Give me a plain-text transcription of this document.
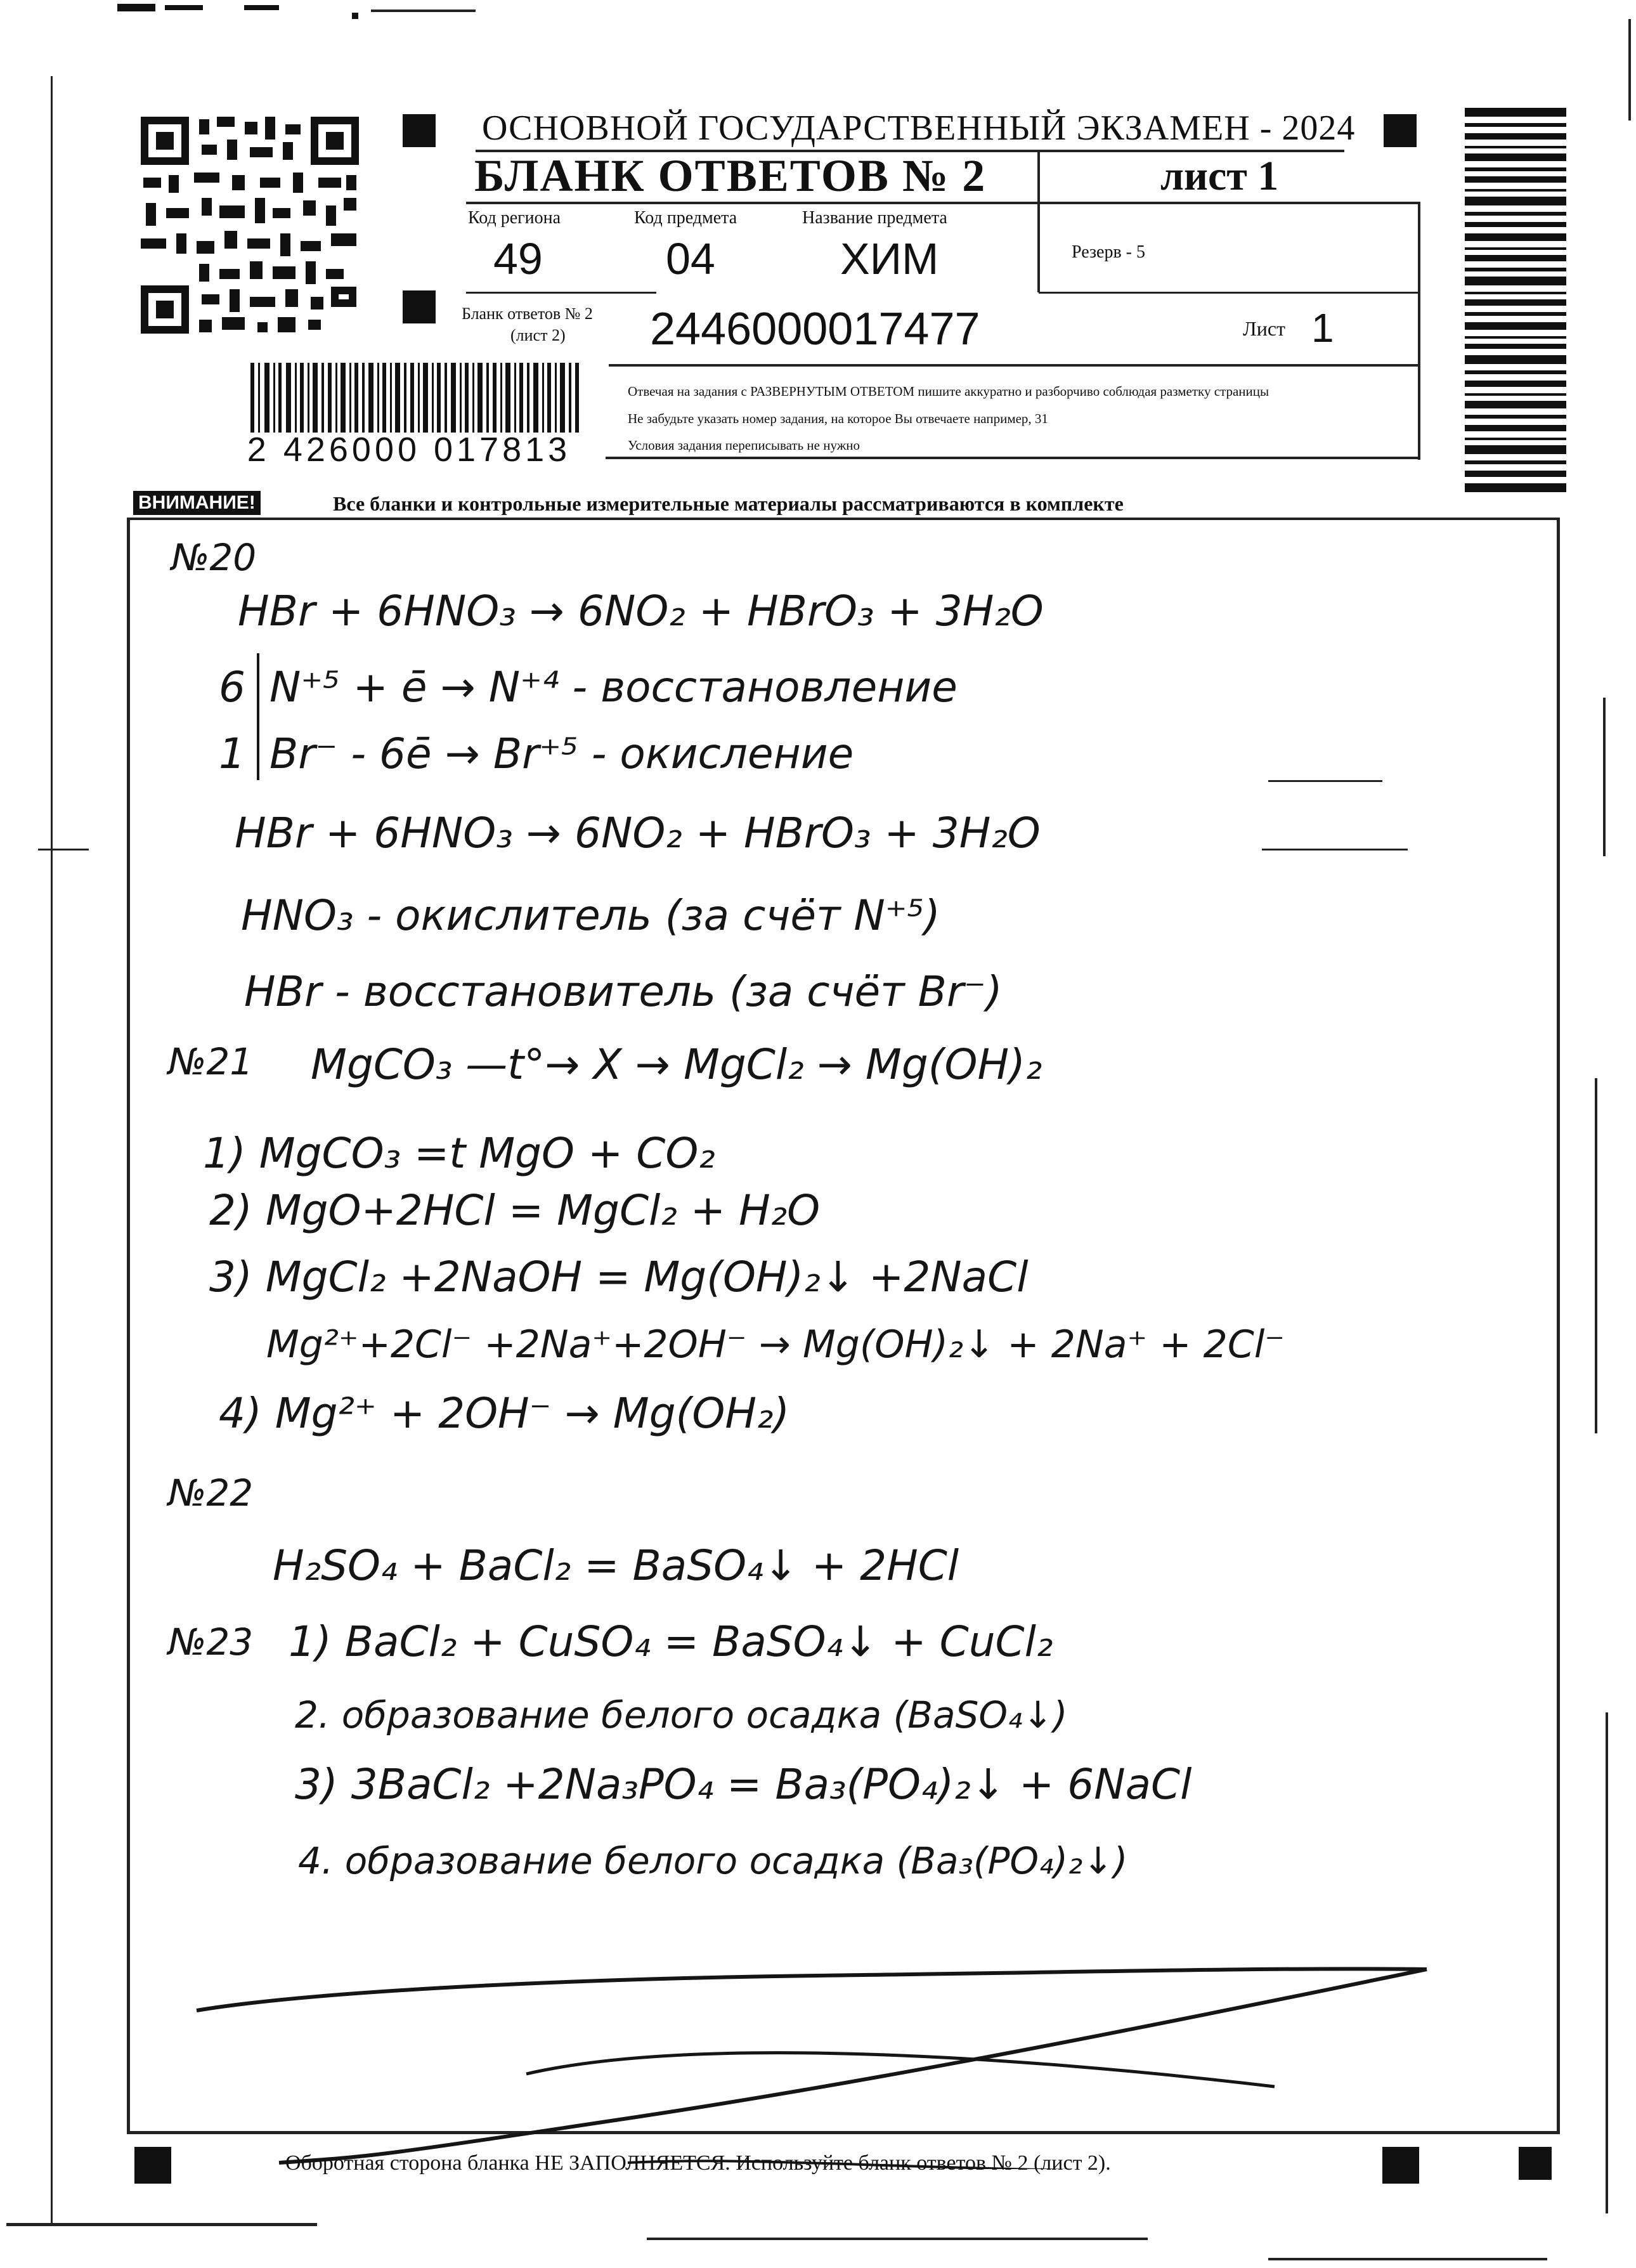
2 426000 017813
ОСНОВНОЙ ГОСУДАРСТВЕННЫЙ ЭКЗАМЕН - 2024
БЛАНК ОТВЕТОВ № 2	лист 1
Код региона
49
Код предмета
04
Название предмета
ХИМ	Резерв - 5
Бланк ответов № 2
(лист 2) 2446000017477	Лист 1
Отвечая на задания с РАЗВЕРНУТЫМ ОТВЕТОМ пишите аккуратно и разборчиво соблюдая разметку страницы
Не забудьте указать номер задания, на которое Вы отвечаете например, 31
Условия задания переписывать не нужно
ВНИМАНИЕ!	Все бланки и контрольные измерительные материалы рассматриваются в комплекте
№20
HBr + 6HNO₃ → 6NO₂ + HBrO₃ + 3H₂O
6 N⁺⁵ + ē → N⁺⁴ - восстановление
1 Br⁻ - 6ē → Br⁺⁵ - окисление
HBr + 6HNO₃ → 6NO₂ + HBrO₃ + 3H₂O
HNO₃ - окислитель (за счёт N⁺⁵)
HBr - восстановитель (за счёт Br⁻)
№21 MgCO₃ —t°→ X → MgCl₂ → Mg(OH)₂
1) MgCO₃ =t MgO + CO₂
2) MgO+2HCl = MgCl₂ + H₂O
3) MgCl₂ +2NaOH = Mg(OH)₂↓ +2NaCl
Mg²⁺+2Cl⁻ +2Na⁺+2OH⁻ → Mg(OH)₂↓ + 2Na⁺ + 2Cl⁻
4) Mg²⁺ + 2OH⁻ → Mg(OH₂)
№22
H₂SO₄ + BaCl₂ = BaSO₄↓ + 2HCl
№23 1) BaCl₂ + CuSO₄ = BaSO₄↓ + CuCl₂
2. образование белого осадка (BaSO₄↓)
3) 3BaCl₂ +2Na₃PO₄ = Ba₃(PO₄)₂↓ + 6NaCl
4. образование белого осадка (Ba₃(PO₄)₂↓)
Оборотная сторона бланка НЕ ЗАПОЛНЯЕТСЯ. Используйте бланк ответов № 2 (лист 2).
